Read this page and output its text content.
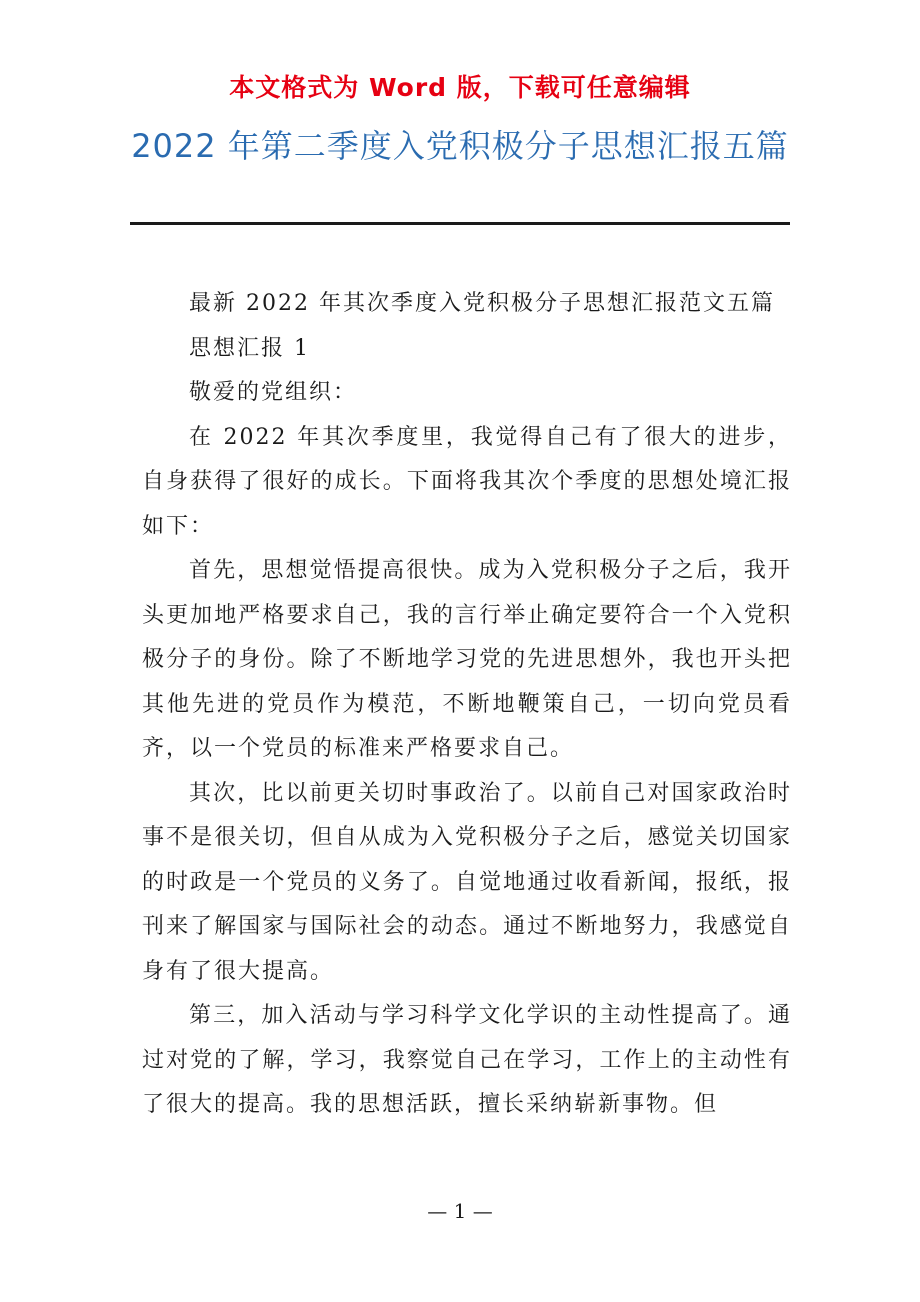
本文格式为 Word 版，下载可任意编辑
2022 年第二季度入党积极分子思想汇报五篇

最新 2022 年其次季度入党积极分子思想汇报范文五篇

思想汇报 1

敬爱的党组织：

在 2022 年其次季度里，我觉得自己有了很大的进步，自身获得了很好的成长。下面将我其次个季度的思想处境汇报如下：

首先，思想觉悟提高很快。成为入党积极分子之后，我开头更加地严格要求自己，我的言行举止确定要符合一个入党积极分子的身份。除了不断地学习党的先进思想外，我也开头把其他先进的党员作为模范，不断地鞭策自己，一切向党员看齐，以一个党员的标准来严格要求自己。

其次，比以前更关切时事政治了。以前自己对国家政治时事不是很关切，但自从成为入党积极分子之后，感觉关切国家的时政是一个党员的义务了。自觉地通过收看新闻，报纸，报刊来了解国家与国际社会的动态。通过不断地努力，我感觉自身有了很大提高。

第三，加入活动与学习科学文化学识的主动性提高了。通过对党的了解，学习，我察觉自己在学习，工作上的主动性有了很大的提高。我的思想活跃，擅长采纳崭新事物。但

— 1 —
